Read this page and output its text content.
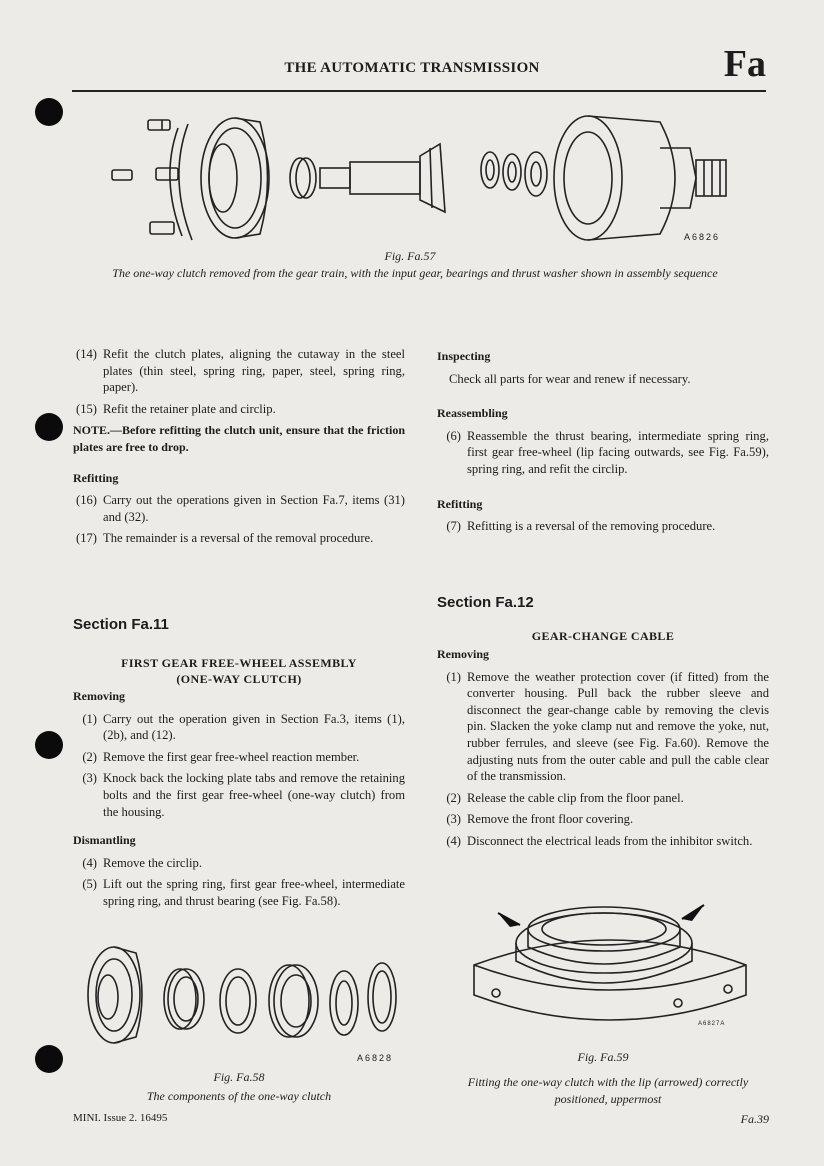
THE AUTOMATIC TRANSMISSION	Fa
A6826
Fig. Fa.57
The one-way clutch removed from the gear train, with the input gear, bearings and thrust washer shown in assembly sequence
(14) Refit the clutch plates, aligning the cutaway in the steel plates (thin steel, spring ring, paper, steel, spring ring, paper).
(15) Refit the retainer plate and circlip.
NOTE.—Before refitting the clutch unit, ensure that the friction plates are free to drop.
Refitting
(16) Carry out the operations given in Section Fa.7, items (31) and (32).
(17) The remainder is a reversal of the removal procedure.
Section Fa.11
FIRST GEAR FREE-WHEEL ASSEMBLY
(ONE-WAY CLUTCH)
Removing
(1) Carry out the operation given in Section Fa.3, items (1), (2b), and (12).
(2) Remove the first gear free-wheel reaction member.
(3) Knock back the locking plate tabs and remove the retaining bolts and the first gear free-wheel (one-way clutch) from the housing.
Dismantling
(4) Remove the circlip.
(5) Lift out the spring ring, first gear free-wheel, intermediate spring ring, and thrust bearing (see Fig. Fa.58).
A6828
Fig. Fa.58
The components of the one-way clutch
Inspecting
Check all parts for wear and renew if necessary.
Reassembling
(6) Reassemble the thrust bearing, intermediate spring ring, first gear free-wheel (lip facing outwards, see Fig. Fa.59), spring ring, and refit the circlip.
Refitting
(7) Refitting is a reversal of the removing procedure.
Section Fa.12
GEAR-CHANGE CABLE
Removing
(1) Remove the weather protection cover (if fitted) from the converter housing. Pull back the rubber sleeve and disconnect the gear-change cable by removing the clevis pin. Slacken the yoke clamp nut and remove the yoke, nut, rubber ferrules, and sleeve (see Fig. Fa.60). Remove the adjusting nuts from the outer cable and pull the cable clear of the transmission.
(2) Release the cable clip from the floor panel.
(3) Remove the front floor covering.
(4) Disconnect the electrical leads from the inhibitor switch.
A6827A
Fig. Fa.59
Fitting the one-way clutch with the lip (arrowed) correctly positioned, uppermost
MINI. Issue 2. 16495	Fa.39
